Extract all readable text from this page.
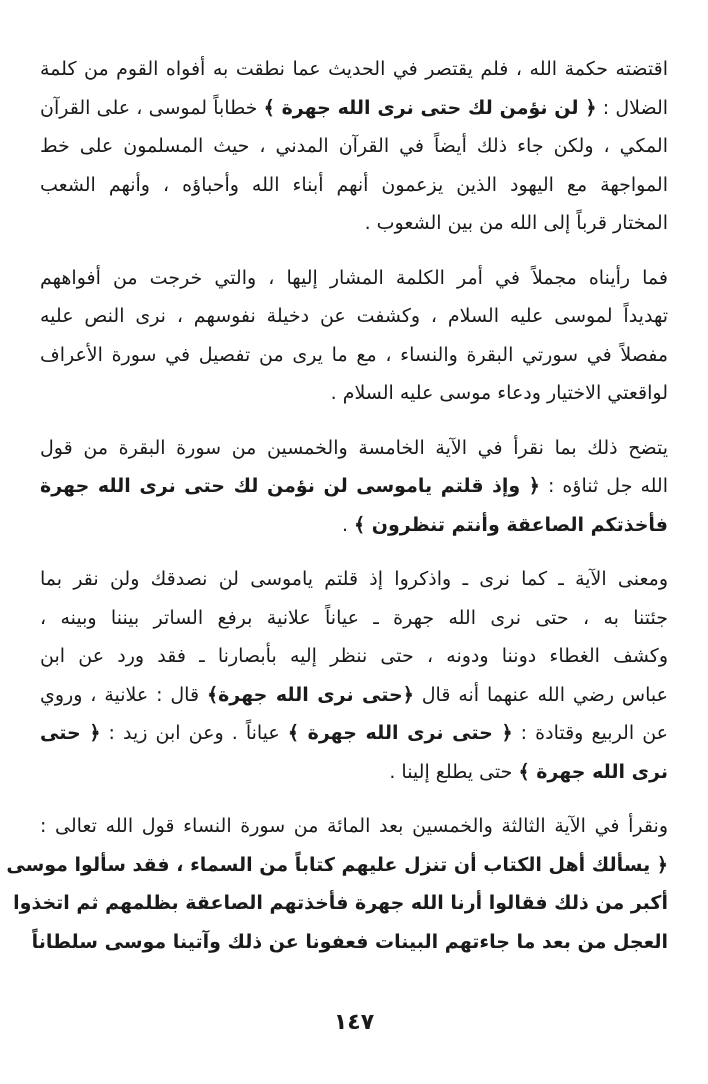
اقتضته حكمة الله ، فلم يقتصر في الحديث عما نطقت به أفواه القوم من كلمة
الضلال : ﴿ لن نؤمن لك حتى نرى الله جهرة ﴾ خطاباً لموسى ، على القرآن
المكي ، ولكن جاء ذلك أيضاً في القرآن المدني ، حيث المسلمون على خط
المواجهة مع اليهود الذين يزعمون أنهم أبناء الله وأحباؤه ، وأنهم الشعب
المختار قرباً إلى الله من بين الشعوب .
فما رأيناه مجملاً في أمر الكلمة المشار إليها ، والتي خرجت من أفواههم
تهديداً لموسى عليه السلام ، وكشفت عن دخيلة نفوسهم ، نرى النص عليه
مفصلاً في سورتي البقرة والنساء ، مع ما يرى من تفصيل في سورة الأعراف
لواقعتي الاختيار ودعاء موسى عليه السلام .
يتضح ذلك بما نقرأ في الآية الخامسة والخمسين من سورة البقرة من قول
الله جل ثناؤه : ﴿ وإذ قلتم ياموسى لن نؤمن لك حتى نرى الله جهرة
فأخذتكم الصاعقة وأنتم تنظرون ﴾ .
ومعنى الآية ـ كما نرى ـ واذكروا إذ قلتم ياموسى لن نصدقك ولن نقر بما
جئتنا به ، حتى نرى الله جهرة ـ عياناً علانية برفع الساتر بيننا وبينه ،
وكشف الغطاء دوننا ودونه ، حتى ننظر إليه بأبصارنا ـ فقد ورد عن ابن
عباس رضي الله عنهما أنه قال ﴿حتى نرى الله جهرة﴾ قال : علانية ، وروي
عن الربيع وقتادة : ﴿ حتى نرى الله جهرة ﴾ عياناً . وعن ابن زيد : ﴿ حتى
نرى الله جهرة ﴾ حتى يطلع إلينا .
ونقرأ في الآية الثالثة والخمسين بعد المائة من سورة النساء قول الله تعالى :
﴿ يسألك أهل الكتاب أن تنزل عليهم كتاباً من السماء ، فقد سألوا موسى
أكبر من ذلك فقالوا أرنا الله جهرة فأخذتهم الصاعقة بظلمهم ثم اتخذوا
العجل من بعد ما جاءتهم البينات فعفونا عن ذلك وآتينا موسى سلطاناً
١٤٧
